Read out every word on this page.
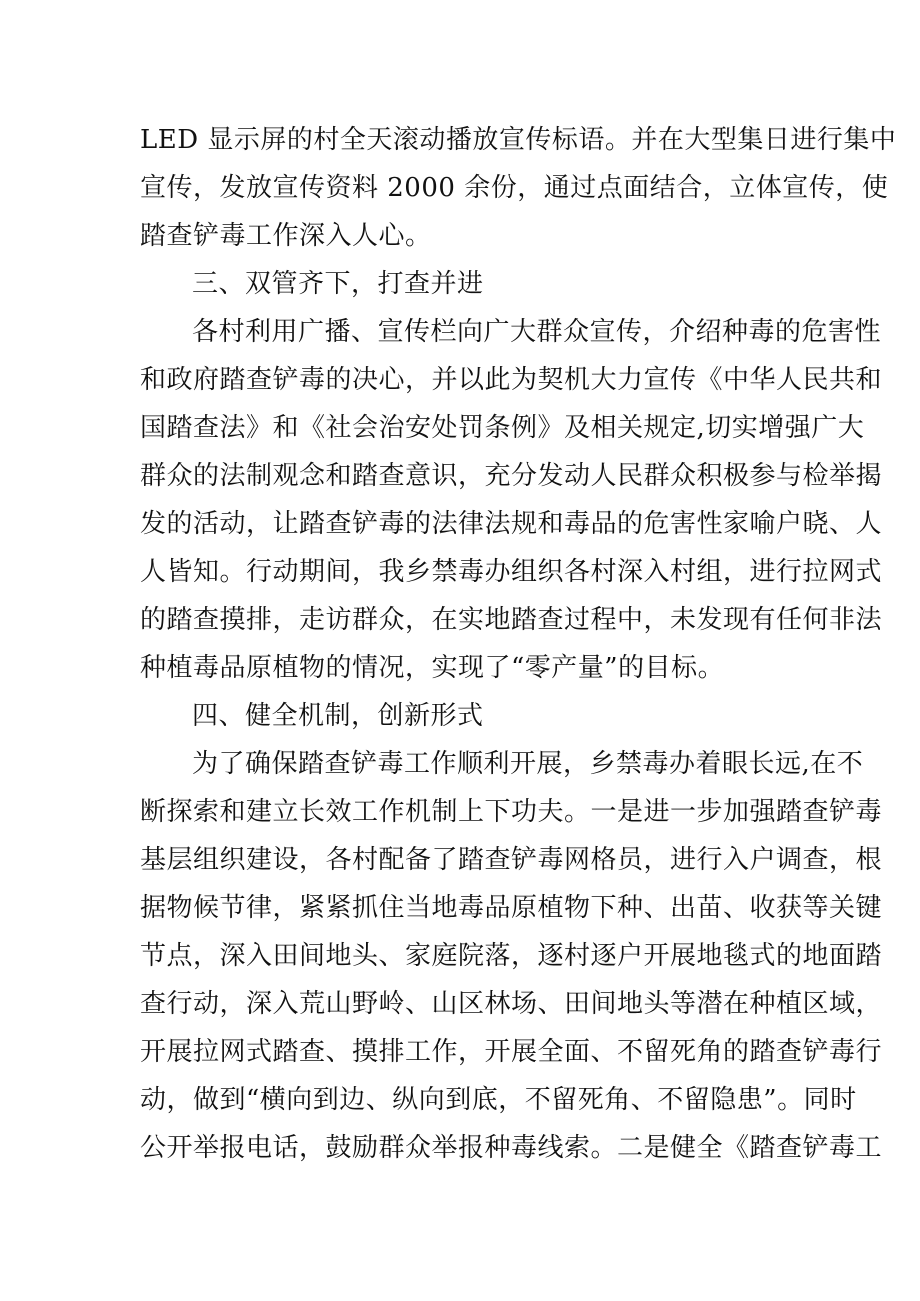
LED 显示屏的村全天滚动播放宣传标语。并在大型集日进行集中
宣传，发放宣传资料 2000 余份，通过点面结合，立体宣传，使
踏查铲毒工作深入人心。
三、双管齐下，打查并进
各村利用广播、宣传栏向广大群众宣传，介绍种毒的危害性
和政府踏查铲毒的决心，并以此为契机大力宣传《中华人民共和
国踏查法》和《社会治安处罚条例》及相关规定,切实增强广大
群众的法制观念和踏查意识，充分发动人民群众积极参与检举揭
发的活动，让踏查铲毒的法律法规和毒品的危害性家喻户晓、人
人皆知。行动期间，我乡禁毒办组织各村深入村组，进行拉网式
的踏查摸排，走访群众，在实地踏查过程中，未发现有任何非法
种植毒品原植物的情况，实现了“零产量”的目标。
四、健全机制，创新形式
为了确保踏查铲毒工作顺利开展，乡禁毒办着眼长远,在不
断探索和建立长效工作机制上下功夫。一是进一步加强踏查铲毒
基层组织建设，各村配备了踏查铲毒网格员，进行入户调查，根
据物候节律，紧紧抓住当地毒品原植物下种、出苗、收获等关键
节点，深入田间地头、家庭院落，逐村逐户开展地毯式的地面踏
查行动，深入荒山野岭、山区林场、田间地头等潜在种植区域，
开展拉网式踏查、摸排工作，开展全面、不留死角的踏查铲毒行
动，做到“横向到边、纵向到底，不留死角、不留隐患”。同时
公开举报电话，鼓励群众举报种毒线索。二是健全《踏查铲毒工
